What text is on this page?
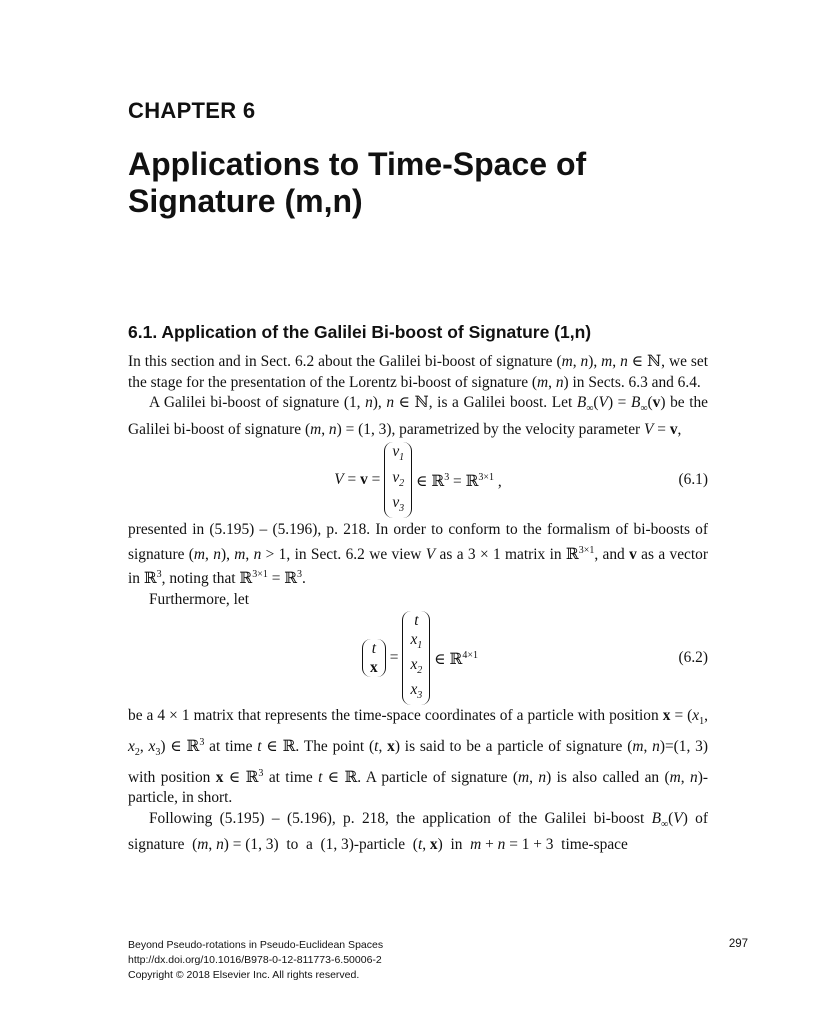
CHAPTER 6
Applications to Time-Space of
Signature (m,n)
6.1. Application of the Galilei Bi-boost of Signature (1,n)

In this section and in Sect. 6.2 about the Galilei bi-boost of signature (m, n), m, n ∈ ℕ, we set the stage for the presentation of the Lorentz bi-boost of signature (m, n) in Sects. 6.3 and 6.4.

A Galilei bi-boost of signature (1, n), n ∈ ℕ, is a Galilei boost. Let $B_\infty(V) = B_\infty(v)$ be the Galilei bi-boost of signature (m, n) = (1, 3), parametrized by the velocity parameter V = v,

V = v =
$v_1$
$v_2$
$v_3$
∈ ℝ$^3$ = ℝ$^{3\times 1}$ ,	(6.1)

presented in (5.195) – (5.196), p. 218. In order to conform to the formalism of bi-boosts of signature (m, n), m, n > 1, in Sect. 6.2 we view V as a 3 × 1 matrix in ℝ$^{3\times 1}$, and v as a vector in ℝ$^3$, noting that ℝ$^{3\times 1}$ = ℝ$^3$.

Furthermore, let

t
x
=
t
$x_1$
$x_2$
$x_3$
∈ ℝ$^{4\times 1}$	(6.2)

be a 4 × 1 matrix that represents the time-space coordinates of a particle with position $x = (x_1$, $x_2$, $x_3$) ∈ ℝ$^3$ at time t ∈ ℝ. The point (t, x) is said to be a particle of signature (m, n)=(1, 3) with position x ∈ ℝ$^3$ at time t ∈ ℝ. A particle of signature (m, n) is also called an (m, n)-particle, in short.

Following (5.195) – (5.196), p. 218, the application of the Galilei bi-boost $B_\infty(V)$ of signature  (m, n) = (1, 3)  to  a  (1, 3)-particle  (t, x)  in  m + n = 1 + 3  time-space

Beyond Pseudo-rotations in Pseudo-Euclidean Spaces
http://dx.doi.org/10.1016/B978-0-12-811773-6.50006-2
Copyright © 2018 Elsevier Inc. All rights reserved.
297
